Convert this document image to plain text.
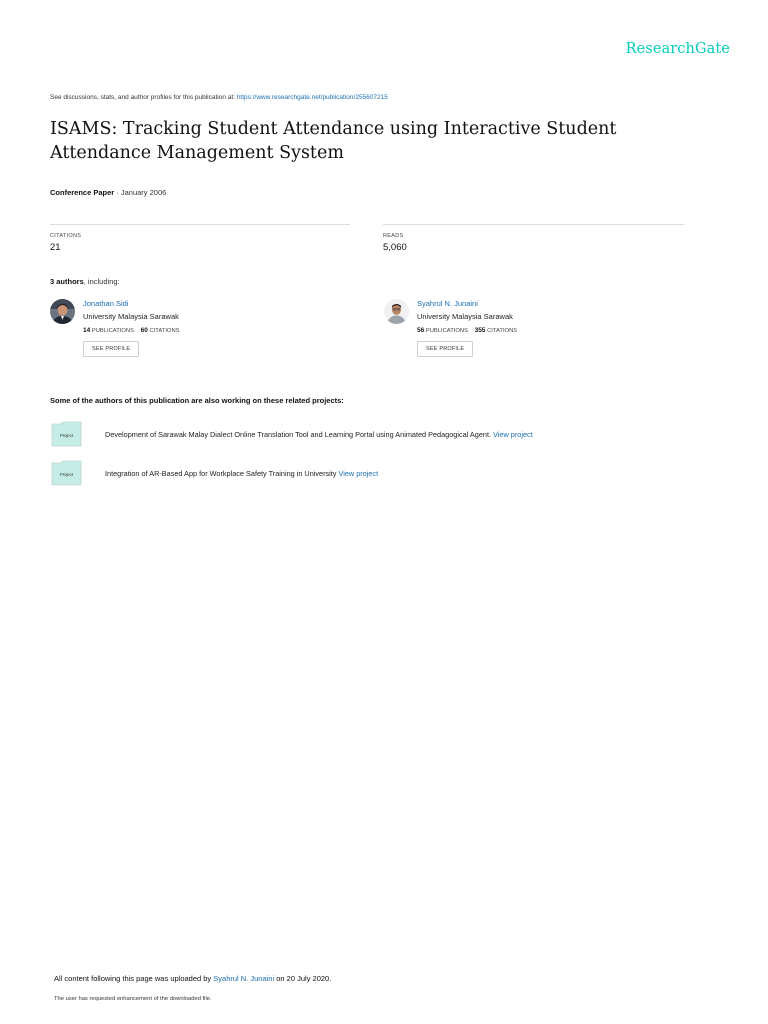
ResearchGate
See discussions, stats, and author profiles for this publication at: https://www.researchgate.net/publication/255607215
ISAMS: Tracking Student Attendance using Interactive Student Attendance Management System
Conference Paper · January 2006
CITATIONS
21
READS
5,060
3 authors, including:
Jonathan Sidi
University Malaysia Sarawak
14 PUBLICATIONS 60 CITATIONS
SEE PROFILE
Syahrul N. Junaini
University Malaysia Sarawak
56 PUBLICATIONS 355 CITATIONS
SEE PROFILE
Some of the authors of this publication are also working on these related projects:
Project	Development of Sarawak Malay Dialect Online Translation Tool and Learning Portal using Animated Pedagogical Agent. View project
Project	Integration of AR-Based App for Workplace Safety Training in University View project
All content following this page was uploaded by Syahrul N. Junaini on 20 July 2020.
The user has requested enhancement of the downloaded file.
